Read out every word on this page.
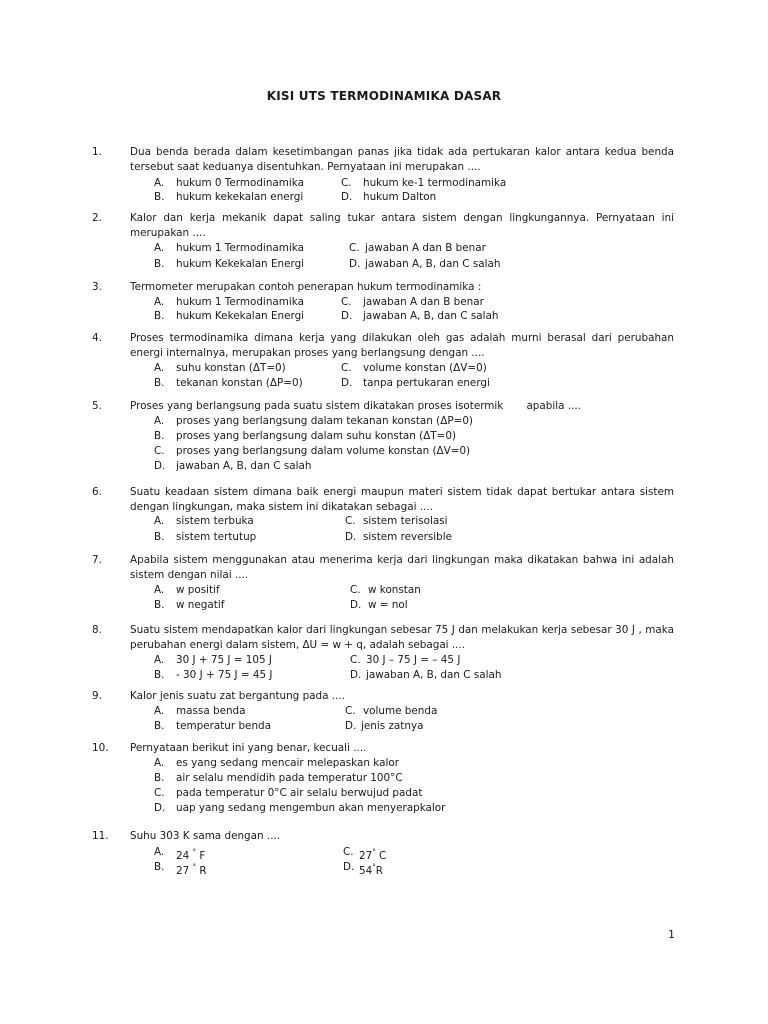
KISI UTS TERMODINAMIKA DASAR
1.	Dua benda berada dalam kesetimbangan panas jika tidak ada pertukaran kalor antara kedua benda tersebut saat keduanya disentuhkan. Pernyataan ini merupakan ....
A. hukum 0 Termodinamika	C. hukum ke-1 termodinamika
B. hukum kekekalan energi	D. hukum Dalton
2.	Kalor dan kerja mekanik dapat saling tukar antara sistem dengan lingkungannya. Pernyataan ini merupakan ....
A. hukum 1 Termodinamika	C. jawaban A dan B benar
B. hukum Kekekalan Energi	D. jawaban A, B, dan C salah
3.	Termometer merupakan contoh penerapan hukum termodinamika :
A. hukum 1 Termodinamika	C. jawaban A dan B benar
B. hukum Kekekalan Energi	D. jawaban A, B, dan C salah
4.	Proses termodinamika dimana kerja yang dilakukan oleh gas adalah murni berasal dari perubahan energi internalnya, merupakan proses yang berlangsung dengan ....
A. suhu konstan (ΔT=0)	C. volume konstan (ΔV=0)
B. tekanan konstan (ΔP=0)	D. tanpa pertukaran energi
5.	Proses yang berlangsung pada suatu sistem dikatakan proses isotermik       apabila ....
A. proses yang berlangsung dalam tekanan konstan (ΔP=0)
B. proses yang berlangsung dalam suhu konstan (ΔT=0)
C. proses yang berlangsung dalam volume konstan (ΔV=0)
D. jawaban A, B, dan C salah
6.	Suatu keadaan sistem dimana baik energi maupun materi sistem tidak dapat bertukar antara sistem dengan lingkungan, maka sistem ini dikatakan sebagai ....
A. sistem terbuka	C. sistem terisolasi
B. sistem tertutup	D. sistem reversible
7.	Apabila sistem menggunakan atau menerima kerja dari lingkungan maka dikatakan bahwa ini adalah sistem dengan nilai ....
A. w positif	C. w konstan
B. w negatif	D. w = nol
8.	Suatu sistem mendapatkan kalor dari lingkungan sebesar 75 J dan melakukan kerja sebesar 30 J , maka perubahan energi dalam sistem, ΔU = w + q, adalah sebagai ....
A. 30 J + 75 J = 105 J	C. 30 J – 75 J = – 45 J
B. - 30 J + 75 J = 45 J	D. jawaban A, B, dan C salah
9.	Kalor jenis suatu zat bergantung pada ....
A. massa benda	C. volume benda
B. temperatur benda	D. jenis zatnya
10. Pernyataan berikut ini yang benar, kecuali ....
A. es yang sedang mencair melepaskan kalor
B. air selalu mendidih pada temperatur 100°C
C. pada temperatur 0°C air selalu berwujud padat
D. uap yang sedang mengembun akan menyerapkalor
11. Suhu 303 K sama dengan ....
A. 24 ° F	C. 27° C
B. 27 ° R	D. 54°R
1
